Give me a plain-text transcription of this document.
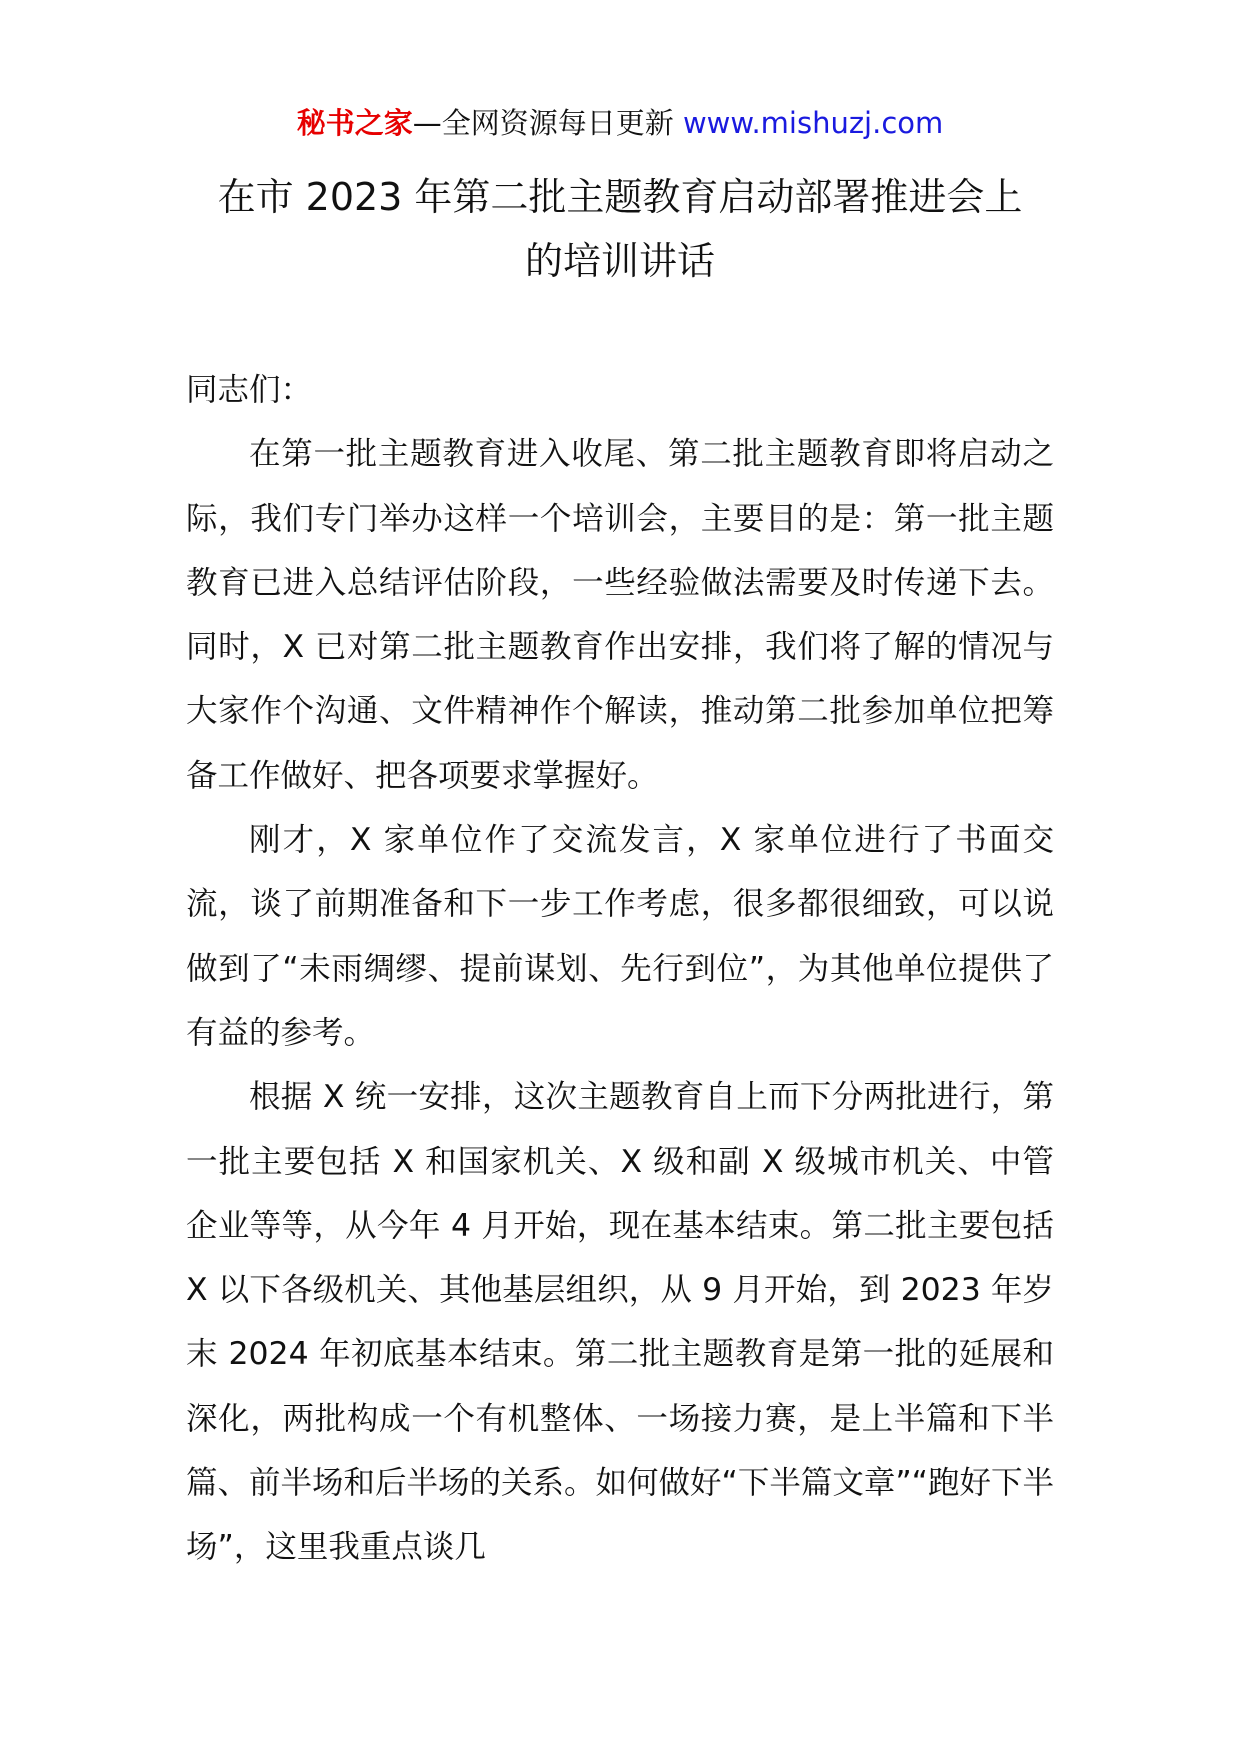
秘书之家—全网资源每日更新 www.mishuzj.com
在市 2023 年第二批主题教育启动部署推进会上
的培训讲话

同志们：

在第一批主题教育进入收尾、第二批主题教育即将启动之际，我们专门举办这样一个培训会，主要目的是：第一批主题教育已进入总结评估阶段，一些经验做法需要及时传递下去。同时，X 已对第二批主题教育作出安排，我们将了解的情况与大家作个沟通、文件精神作个解读，推动第二批参加单位把筹备工作做好、把各项要求掌握好。

刚才，X 家单位作了交流发言，X 家单位进行了书面交流，谈了前期准备和下一步工作考虑，很多都很细致，可以说做到了“未雨绸缪、提前谋划、先行到位”，为其他单位提供了有益的参考。

根据 X 统一安排，这次主题教育自上而下分两批进行，第一批主要包括 X 和国家机关、X 级和副 X 级城市机关、中管企业等等，从今年 4 月开始，现在基本结束。第二批主要包括 X 以下各级机关、其他基层组织，从 9 月开始，到 2023 年岁末 2024 年初底基本结束。第二批主题教育是第一批的延展和深化，两批构成一个有机整体、一场接力赛，是上半篇和下半篇、前半场和后半场的关系。如何做好“下半篇文章”“跑好下半场”，这里我重点谈几
